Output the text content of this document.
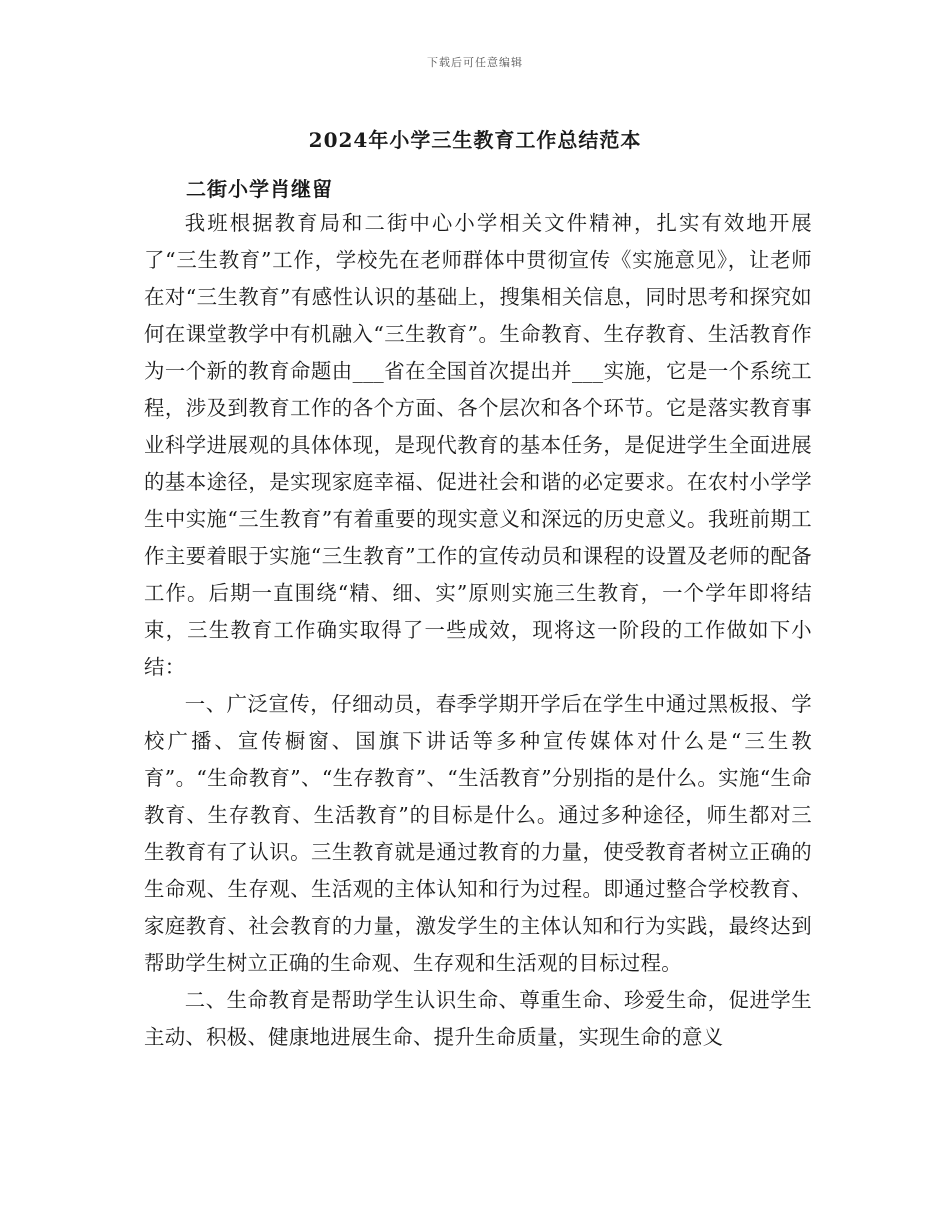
下载后可任意编辑
2024年小学三生教育工作总结范本
二街小学肖继留

我班根据教育局和二街中心小学相关文件精神，扎实有效地开展了“三生教育”工作，学校先在老师群体中贯彻宣传《实施意见》，让老师在对“三生教育”有感性认识的基础上，搜集相关信息，同时思考和探究如何在课堂教学中有机融入“三生教育”。生命教育、生存教育、生活教育作为一个新的教育命题由___省在全国首次提出并___实施，它是一个系统工程，涉及到教育工作的各个方面、各个层次和各个环节。它是落实教育事业科学进展观的具体体现，是现代教育的基本任务，是促进学生全面进展的基本途径，是实现家庭幸福、促进社会和谐的必定要求。在农村小学学生中实施“三生教育”有着重要的现实意义和深远的历史意义。我班前期工作主要着眼于实施“三生教育”工作的宣传动员和课程的设置及老师的配备工作。后期一直围绕“精、细、实”原则实施三生教育，一个学年即将结束，三生教育工作确实取得了一些成效，现将这一阶段的工作做如下小结：

一、广泛宣传，仔细动员，春季学期开学后在学生中通过黑板报、学校广播、宣传橱窗、国旗下讲话等多种宣传媒体对什么是“三生教育”。“生命教育”、“生存教育”、“生活教育”分别指的是什么。实施“生命教育、生存教育、生活教育”的目标是什么。通过多种途径，师生都对三生教育有了认识。三生教育就是通过教育的力量，使受教育者树立正确的生命观、生存观、生活观的主体认知和行为过程。即通过整合学校教育、家庭教育、社会教育的力量，激发学生的主体认知和行为实践，最终达到帮助学生树立正确的生命观、生存观和生活观的目标过程。

二、生命教育是帮助学生认识生命、尊重生命、珍爱生命，促进学生主动、积极、健康地进展生命、提升生命质量，实现生命的意义
